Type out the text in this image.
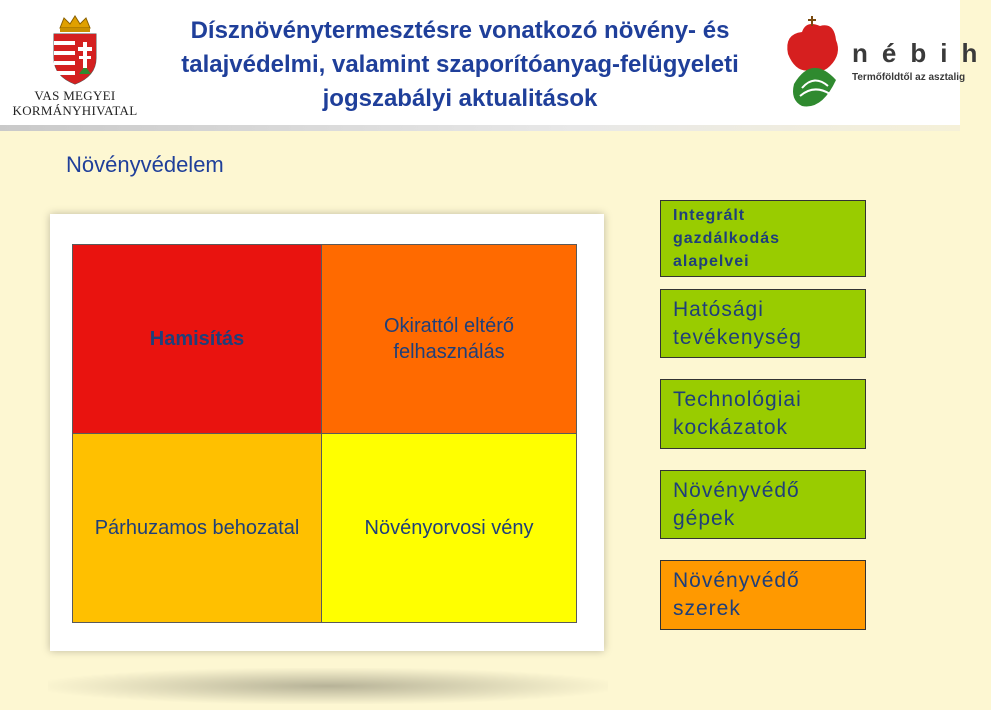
VAS MEGYEI
KORMÁNYHIVATAL
Dísznövénytermesztésre vonatkozó növény- és
talajvédelmi, valamint szaporítóanyag-felügyeleti
jogszabályi aktualitások
nébih
Termőföldtől az asztalig
Növényvédelem
Hamisítás
Okirattól eltérő felhasználás
Párhuzamos behozatal	Növényorvosi vény
Integrált gazdálkodás alapelvei
Hatósági tevékenység
Technológiai kockázatok
Növényvédő gépek
Növényvédő szerek
